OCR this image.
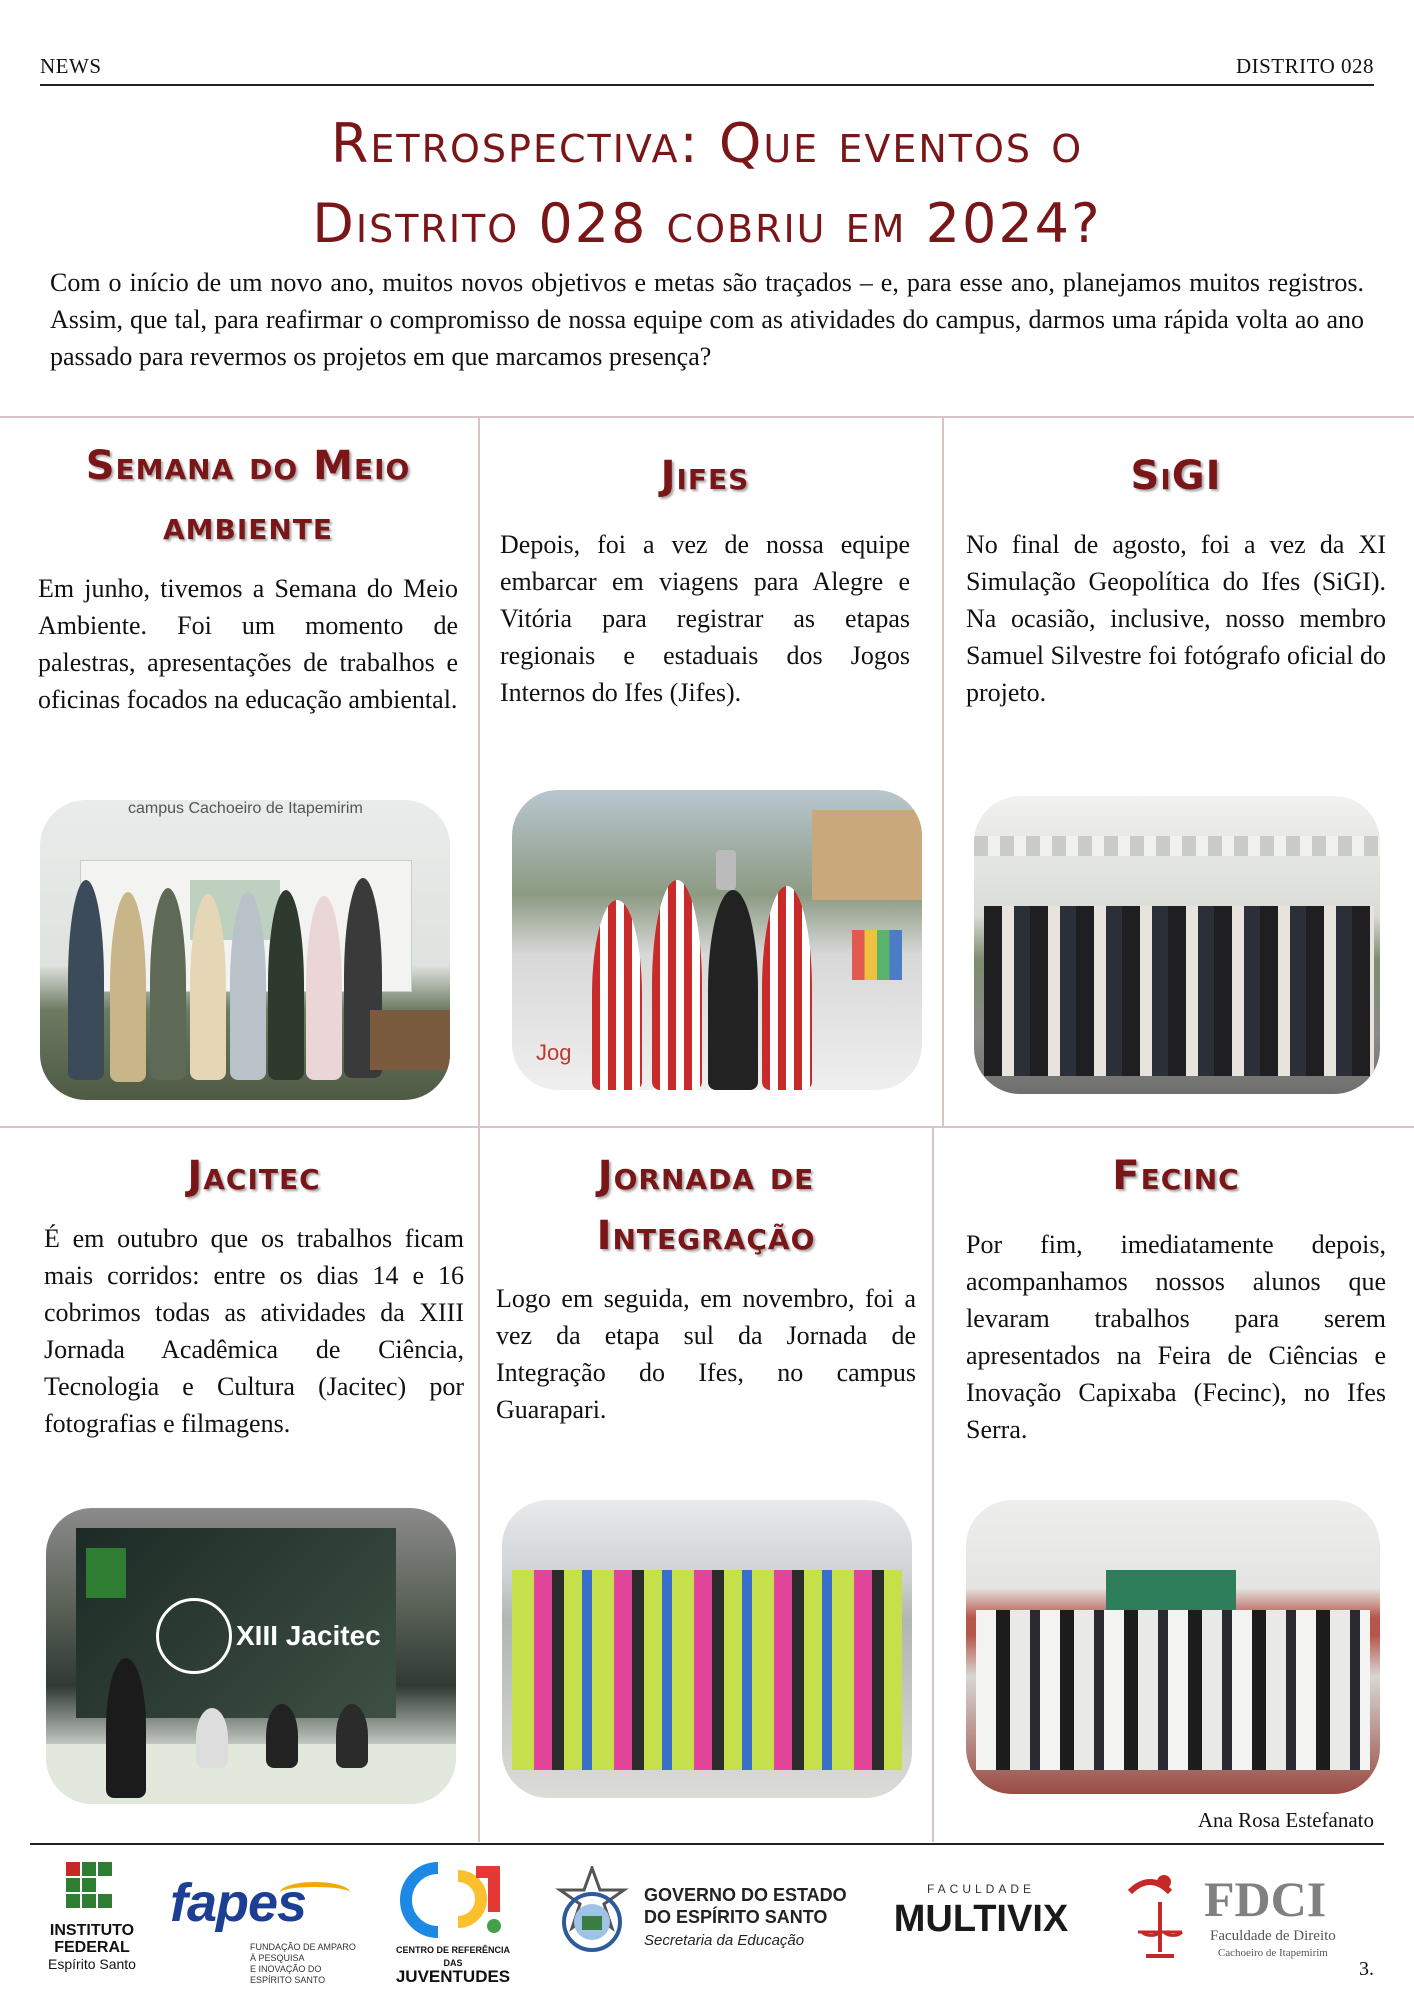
NEWS	DISTRITO 028
Retrospectiva: Que eventos o
Distrito 028 cobriu em 2024?

Com o início de um novo ano, muitos novos objetivos e metas são traçados – e, para esse ano, planejamos muitos registros. Assim, que tal, para reafirmar o compromisso de nossa equipe com as atividades do campus, darmos uma rápida volta ao ano passado para revermos os projetos em que marcamos presença?

Semana do Meio
ambiente

Em junho, tivemos a Semana do Meio Ambiente. Foi um momento de palestras, apresentações de trabalhos e oficinas focados na educação ambiental.

campus Cachoeiro de Itapemirim
Jifes

Depois, foi a vez de nossa equipe embarcar em viagens para Alegre e Vitória para registrar as etapas regionais e estaduais dos Jogos Internos do Ifes (Jifes).

Jog
SiGI

No final de agosto, foi a vez da XI Simulação Geopolítica do Ifes (SiGI). Na ocasião, inclusive, nosso membro Samuel Silvestre foi fotógrafo oficial do projeto.

Jacitec

É em outubro que os trabalhos ficam mais corridos: entre os dias 14 e 16 cobrimos todas as atividades da XIII Jornada Acadêmica de Ciência, Tecnologia e Cultura (Jacitec) por fotografias e filmagens.

XIII Jacitec
Jornada de
Integração

Logo em seguida, em novembro, foi a vez da etapa sul da Jornada de Integração do Ifes, no campus Guarapari.

Fecinc

Por fim, imediatamente depois, acompanhamos nossos alunos que levaram trabalhos para serem apresentados na Feira de Ciências e Inovação Capixaba (Fecinc), no Ifes Serra.

Ana Rosa Estefanato
INSTITUTO
FEDERAL
Espírito Santo
fapes
FUNDAÇÃO DE AMPARO À PESQUISA
E INOVAÇÃO DO ESPÍRITO SANTO
CENTRO DE REFERÊNCIA DAS
JUVENTUDES
GOVERNO DO ESTADO
DO ESPÍRITO SANTO
Secretaria da Educação
FACULDADE
MULTIVIX	FDCI
Faculdade de Direito
Cachoeiro de Itapemirim
3.
